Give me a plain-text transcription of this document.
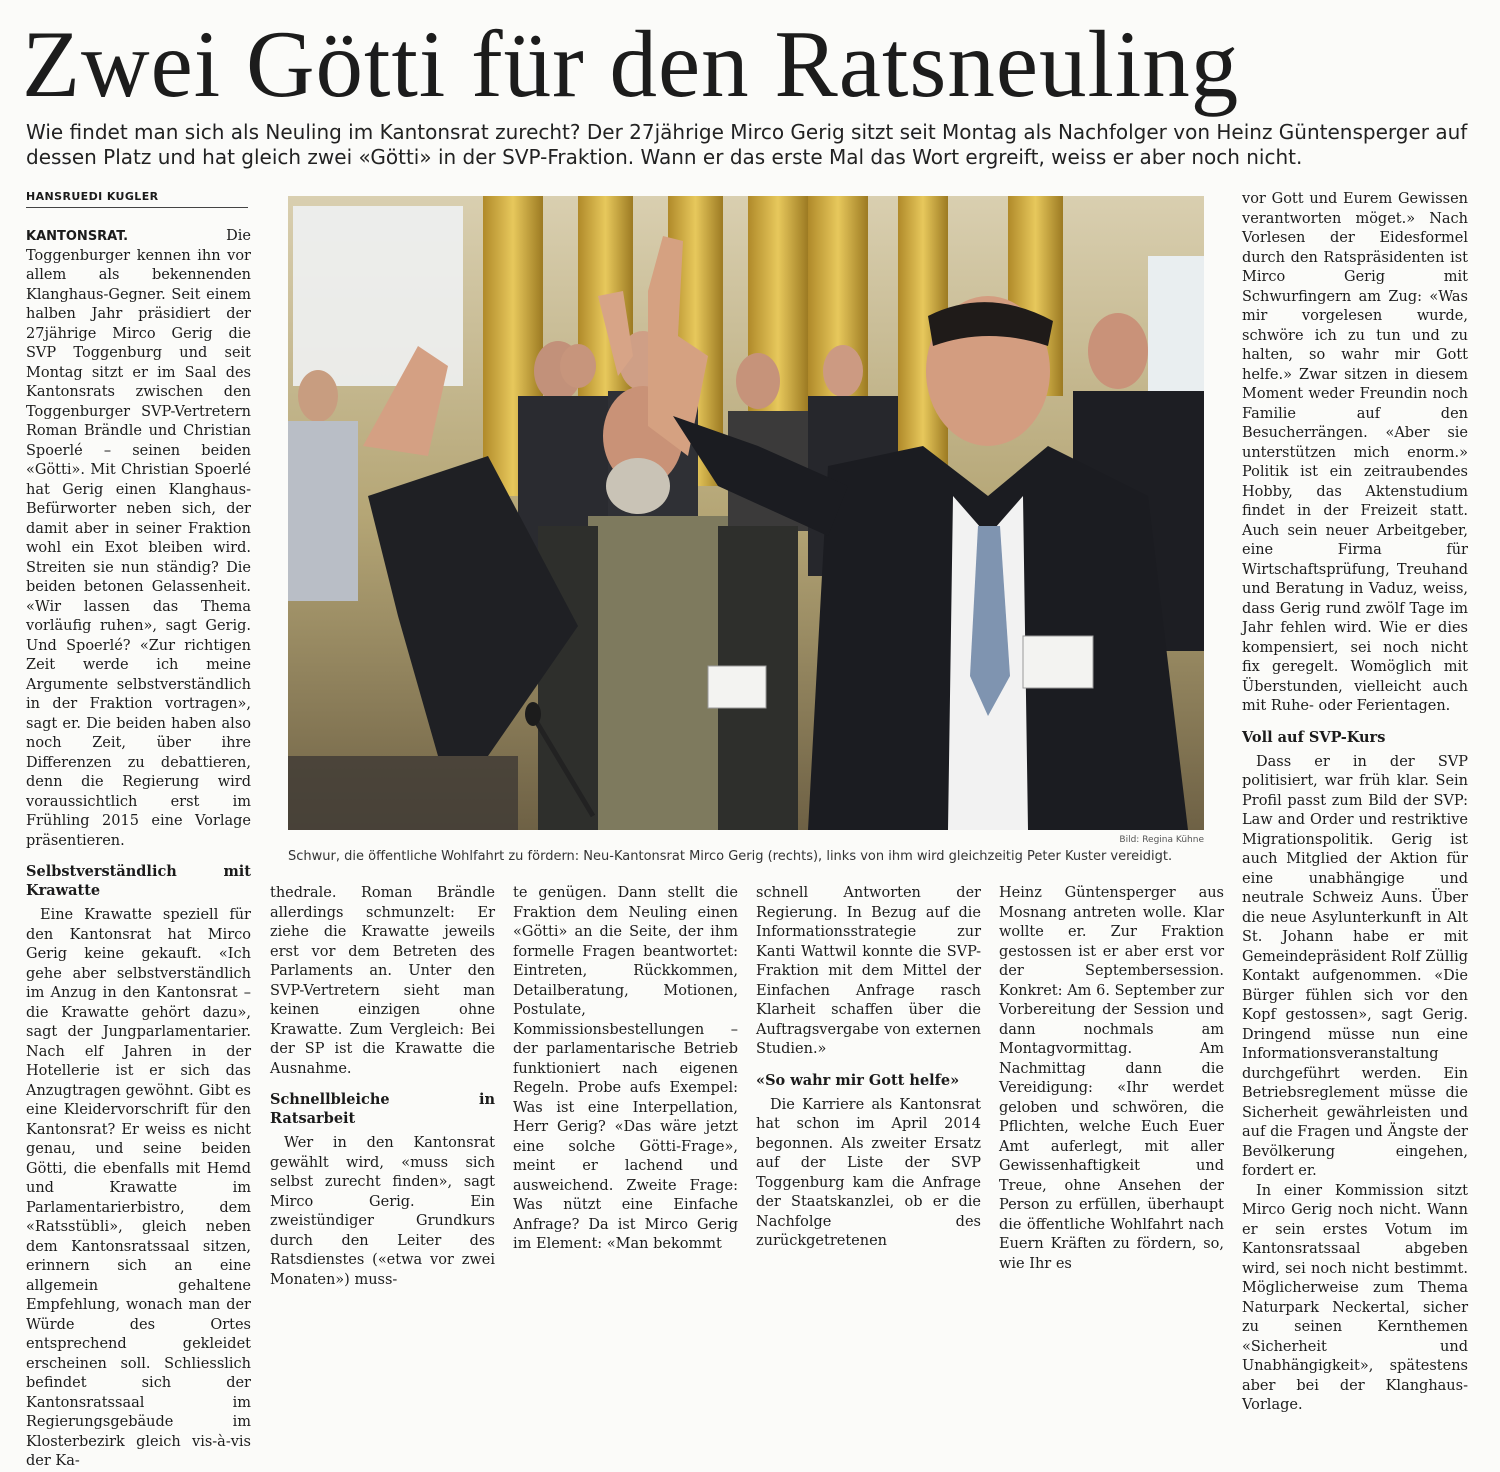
Zwei Götti für den Ratsneuling

Wie findet man sich als Neuling im Kantonsrat zurecht? Der 27jährige Mirco Gerig sitzt seit Montag als Nachfolger von Heinz Güntensperger auf dessen Platz und hat gleich zwei «Götti» in der SVP-Fraktion. Wann er das erste Mal das Wort ergreift, weiss er aber noch nicht.

HANSRUEDI KUGLER

KANTONSRAT. Die Toggenburger kennen ihn vor allem als bekennenden Klanghaus-Gegner. Seit einem halben Jahr präsidiert der 27jährige Mirco Gerig die SVP Toggenburg und seit Montag sitzt er im Saal des Kantonsrats zwischen den Toggenburger SVP-Vertretern Roman Brändle und Christian Spoerlé – seinen beiden «Götti». Mit Christian Spoerlé hat Gerig einen Klanghaus-Befürworter neben sich, der damit aber in seiner Fraktion wohl ein Exot bleiben wird. Streiten sie nun ständig? Die beiden betonen Gelassenheit. «Wir lassen das Thema vorläufig ruhen», sagt Gerig. Und Spoerlé? «Zur richtigen Zeit werde ich meine Argumente selbstverständlich in der Fraktion vortragen», sagt er. Die beiden haben also noch Zeit, über ihre Differenzen zu debattieren, denn die Regierung wird voraussichtlich erst im Frühling 2015 eine Vorlage präsentieren.

Selbstverständlich mit Krawatte

Eine Krawatte speziell für den Kantonsrat hat Mirco Gerig keine gekauft. «Ich gehe aber selbstverständlich im Anzug in den Kantonsrat – die Krawatte gehört dazu», sagt der Jungparlamentarier. Nach elf Jahren in der Hotellerie ist er sich das Anzugtragen gewöhnt. Gibt es eine Kleidervorschrift für den Kantonsrat? Er weiss es nicht genau, und seine beiden Götti, die ebenfalls mit Hemd und Krawatte im Parlamentarierbistro, dem «Ratsstübli», gleich neben dem Kantonsratssaal sitzen, erinnern sich an eine allgemein gehaltene Empfehlung, wonach man der Würde des Ortes entsprechend gekleidet erscheinen soll. Schliesslich befindet sich der Kantonsratssaal im Regierungsgebäude im Klosterbezirk gleich vis-à-vis der Ka-

Bild: Regina Kühne
Schwur, die öffentliche Wohlfahrt zu fördern: Neu-Kantonsrat Mirco Gerig (rechts), links von ihm wird gleichzeitig Peter Kuster vereidigt.

thedrale. Roman Brändle allerdings schmunzelt: Er ziehe die Krawatte jeweils erst vor dem Betreten des Parlaments an. Unter den SVP-Vertretern sieht man keinen einzigen ohne Krawatte. Zum Vergleich: Bei der SP ist die Krawatte die Ausnahme.

Schnellbleiche in Ratsarbeit

Wer in den Kantonsrat gewählt wird, «muss sich selbst zurecht finden», sagt Mirco Gerig. Ein zweistündiger Grundkurs durch den Leiter des Ratsdienstes («etwa vor zwei Monaten») muss-

te genügen. Dann stellt die Fraktion dem Neuling einen «Götti» an die Seite, der ihm formelle Fragen beantwortet: Eintreten, Rückkommen, Detailberatung, Motionen, Postulate, Kommissionsbestellungen – der parlamentarische Betrieb funktioniert nach eigenen Regeln. Probe aufs Exempel: Was ist eine Interpellation, Herr Gerig? «Das wäre jetzt eine solche Götti-Frage», meint er lachend und ausweichend. Zweite Frage: Was nützt eine Einfache Anfrage? Da ist Mirco Gerig im Element: «Man bekommt

schnell Antworten der Regierung. In Bezug auf die Informationsstrategie zur Kanti Wattwil konnte die SVP-Fraktion mit dem Mittel der Einfachen Anfrage rasch Klarheit schaffen über die Auftragsvergabe von externen Studien.»

«So wahr mir Gott helfe»

Die Karriere als Kantonsrat hat schon im April 2014 begonnen. Als zweiter Ersatz auf der Liste der SVP Toggenburg kam die Anfrage der Staatskanzlei, ob er die Nachfolge des zurückgetretenen

Heinz Güntensperger aus Mosnang antreten wolle. Klar wollte er. Zur Fraktion gestossen ist er aber erst vor der Septembersession. Konkret: Am 6. September zur Vorbereitung der Session und dann nochmals am Montagvormittag. Am Nachmittag dann die Vereidigung: «Ihr werdet geloben und schwören, die Pflichten, welche Euch Euer Amt auferlegt, mit aller Gewissenhaftigkeit und Treue, ohne Ansehen der Person zu erfüllen, überhaupt die öffentliche Wohlfahrt nach Euern Kräften zu fördern, so, wie Ihr es

vor Gott und Eurem Gewissen verantworten möget.» Nach Vorlesen der Eidesformel durch den Ratspräsidenten ist Mirco Gerig mit Schwurfingern am Zug: «Was mir vorgelesen wurde, schwöre ich zu tun und zu halten, so wahr mir Gott helfe.» Zwar sitzen in diesem Moment weder Freundin noch Familie auf den Besucherrängen. «Aber sie unterstützen mich enorm.» Politik ist ein zeitraubendes Hobby, das Aktenstudium findet in der Freizeit statt. Auch sein neuer Arbeitgeber, eine Firma für Wirtschaftsprüfung, Treuhand und Beratung in Vaduz, weiss, dass Gerig rund zwölf Tage im Jahr fehlen wird. Wie er dies kompensiert, sei noch nicht fix geregelt. Womöglich mit Überstunden, vielleicht auch mit Ruhe- oder Ferientagen.

Voll auf SVP-Kurs

Dass er in der SVP politisiert, war früh klar. Sein Profil passt zum Bild der SVP: Law and Order und restriktive Migrationspolitik. Gerig ist auch Mitglied der Aktion für eine unabhängige und neutrale Schweiz Auns. Über die neue Asylunterkunft in Alt St. Johann habe er mit Gemeindepräsident Rolf Züllig Kontakt aufgenommen. «Die Bürger fühlen sich vor den Kopf gestossen», sagt Gerig. Dringend müsse nun eine Informationsveranstaltung durchgeführt werden. Ein Betriebsreglement müsse die Sicherheit gewährleisten und auf die Fragen und Ängste der Bevölkerung eingehen, fordert er.

In einer Kommission sitzt Mirco Gerig noch nicht. Wann er sein erstes Votum im Kantonsratssaal abgeben wird, sei noch nicht bestimmt. Möglicherweise zum Thema Naturpark Neckertal, sicher zu seinen Kernthemen «Sicherheit und Unabhängigkeit», spätestens aber bei der Klanghaus-Vorlage.
